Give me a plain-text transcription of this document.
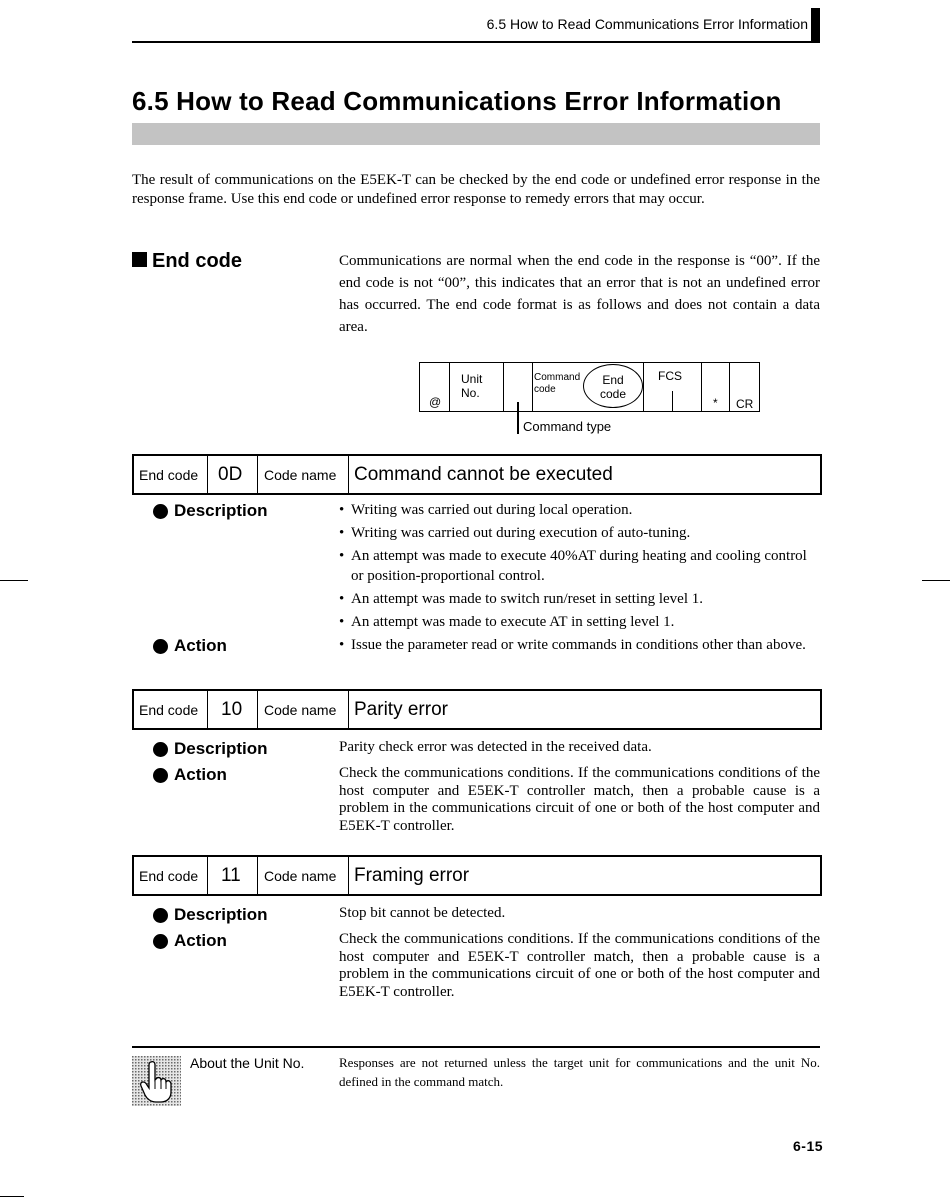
6.5 How to Read Communications Error Information
6.5 How to Read Communications Error Information
The result of communications on the E5EK-T can be checked by the end code or undefined error response in the response frame. Use this end code or undefined error response to remedy errors that may occur.
End code	Communications are normal when the end code in the response is “00”. If the end code is not “00”, this indicates that an error that is not an undefined error has occurred. The end code format is as follows and does not contain a data area.
@
Unit
No.
Command
code
FCS
* CR
End
code
Command type
End code 0D Code name Command cannot be executed
Description
•	Writing was carried out during local operation.
• Writing was carried out during execution of auto-tuning.
• An attempt was made to execute 40%AT during heating and cooling control or position-proportional control.
• An attempt was made to switch run/reset in setting level 1.
• An attempt was made to execute AT in setting level 1.
• Issue the parameter read or write commands in conditions other than above.
Action
End code 10 Code name Parity error
Description	Parity check error was detected in the received data.
Action	Check the communications conditions. If the communications conditions of the host computer and E5EK-T controller match, then a probable cause is a problem in the communications circuit of one or both of the host computer and E5EK-T controller.
End code 11 Code name Framing error
Description	Stop bit cannot be detected.
Action	Check the communications conditions. If the communications conditions of the host computer and E5EK-T controller match, then a probable cause is a problem in the communications circuit of one or both of the host computer and E5EK-T controller.
About the Unit No.	Responses are not returned unless the target unit for communications and the unit No. defined in the command match.
6-15
